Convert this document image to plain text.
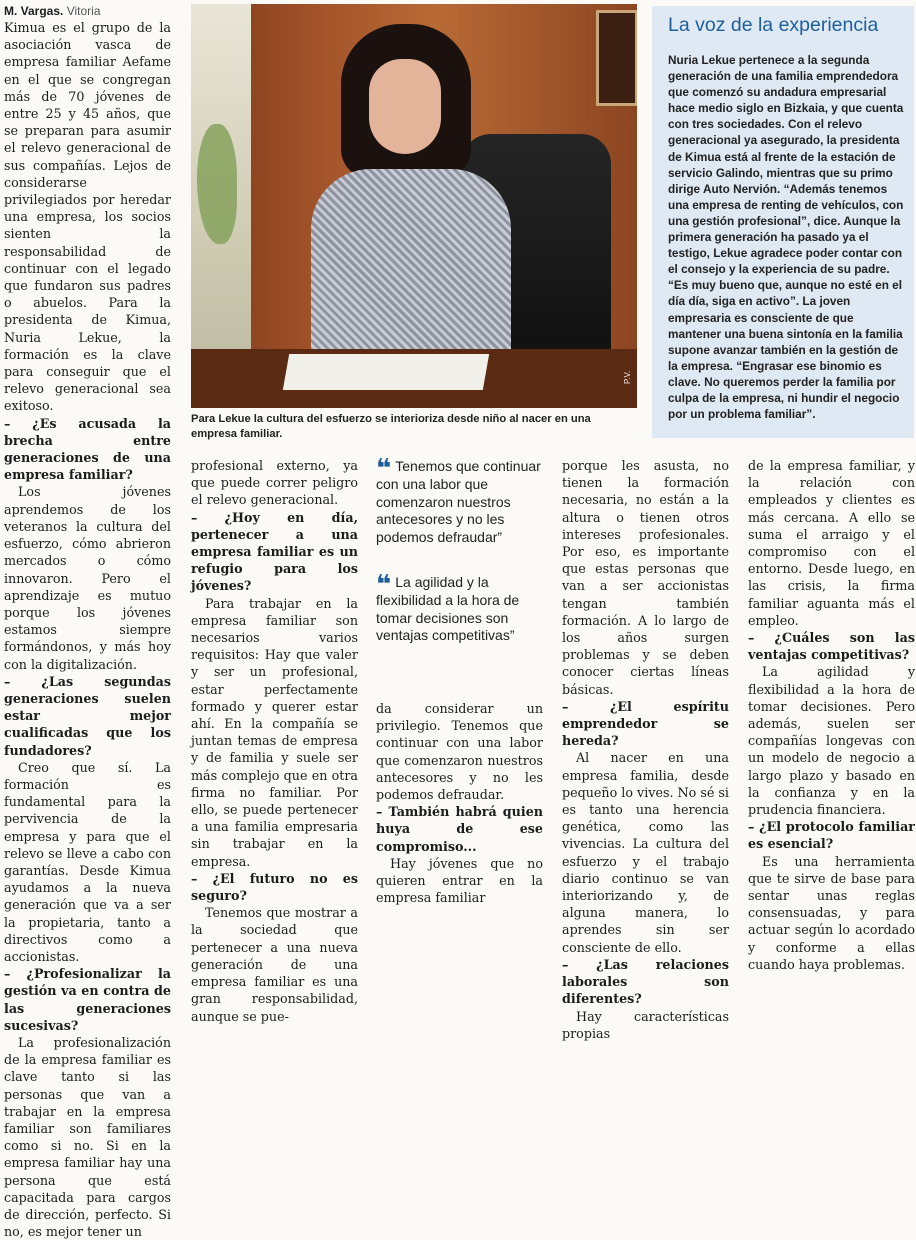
M. Vargas. Vitoria

Kimua es el grupo de la asociación vasca de empresa familiar Aefame en el que se congregan más de 70 jóvenes de entre 25 y 45 años, que se preparan para asumir el relevo generacional de sus compañías. Lejos de considerarse privilegiados por heredar una empresa, los socios sienten la responsabilidad de continuar con el legado que fundaron sus padres o abuelos. Para la presidenta de Kimua, Nuria Lekue, la formación es la clave para conseguir que el relevo generacional sea exitoso.

– ¿Es acusada la brecha entre generaciones de una empresa familiar?

Los jóvenes aprendemos de los veteranos la cultura del esfuerzo, cómo abrieron mercados o cómo innovaron. Pero el aprendizaje es mutuo porque los jóvenes estamos siempre formándonos, y más hoy con la digitalización.

– ¿Las segundas generaciones suelen estar mejor cualificadas que los fundadores?

Creo que sí. La formación es fundamental para la pervivencia de la empresa y para que el relevo se lleve a cabo con garantías. Desde Kimua ayudamos a la nueva generación que va a ser la propietaria, tanto a directivos como a accionistas.

– ¿Profesionalizar la gestión va en contra de las generaciones sucesivas?

La profesionalización de la empresa familiar es clave tanto si las personas que van a trabajar en la empresa familiar son familiares como si no. Si en la empresa familiar hay una persona que está capacitada para cargos de dirección, perfecto. Si no, es mejor tener un

P.V.
Para Lekue la cultura del esfuerzo se interioriza desde niño al nacer en una empresa familiar.
La voz de la experiencia
Nuria Lekue pertenece a la segunda generación de una familia emprendedora que comenzó su andadura empresarial hace medio siglo en Bizkaia, y que cuenta con tres sociedades. Con el relevo generacional ya asegurado, la presidenta de Kimua está al frente de la estación de servicio Galindo, mientras que su primo dirige Auto Nervión. “Además tenemos una empresa de renting de vehículos, con una gestión profesional”, dice. Aunque la primera generación ha pasado ya el testigo, Lekue agradece poder contar con el consejo y la experiencia de su padre. “Es muy bueno que, aunque no esté en el día día, siga en activo”. La joven empresaria es consciente de que mantener una buena sintonía en la familia supone avanzar también en la gestión de la empresa. “Engrasar ese binomio es clave. No queremos perder la familia por culpa de la empresa, ni hundir el negocio por un problema familiar”.

profesional externo, ya que puede correr peligro el relevo generacional.

– ¿Hoy en día, pertenecer a una empresa familiar es un refugio para los jóvenes?

Para trabajar en la empresa familiar son necesarios varios requisitos: Hay que valer y ser un profesional, estar perfectamente formado y querer estar ahí. En la compañía se juntan temas de empresa y de familia y suele ser más complejo que en otra firma no familiar. Por ello, se puede pertenecer a una familia empresaria sin trabajar en la empresa.

– ¿El futuro no es seguro?

Tenemos que mostrar a la sociedad que pertenecer a una nueva generación de una empresa familiar es una gran responsabilidad, aunque se pue-

❝ Tenemos que continuar con una labor que comenzaron nuestros antecesores y no les podemos defraudar”
❝ La agilidad y la flexibilidad a la hora de tomar decisiones son ventajas competitivas”

da considerar un privilegio. Tenemos que continuar con una labor que comenzaron nuestros antecesores y no les podemos defraudar.

– También habrá quien huya de ese compromiso...

Hay jóvenes que no quieren entrar en la empresa familiar

porque les asusta, no tienen la formación necesaria, no están a la altura o tienen otros intereses profesionales. Por eso, es importante que estas personas que van a ser accionistas tengan también formación. A lo largo de los años surgen problemas y se deben conocer ciertas líneas básicas.

– ¿El espíritu emprendedor se hereda?

Al nacer en una empresa familia, desde pequeño lo vives. No sé si es tanto una herencia genética, como las vivencias. La cultura del esfuerzo y el trabajo diario continuo se van interiorizando y, de alguna manera, lo aprendes sin ser consciente de ello.

– ¿Las relaciones laborales son diferentes?

Hay características propias

de la empresa familiar, y la relación con empleados y clientes es más cercana. A ello se suma el arraigo y el compromiso con el entorno. Desde luego, en las crisis, la firma familiar aguanta más el empleo.

– ¿Cuáles son las ventajas competitivas?

La agilidad y flexibilidad a la hora de tomar decisiones. Pero además, suelen ser compañías longevas con un modelo de negocio a largo plazo y basado en la confianza y en la prudencia financiera.

– ¿El protocolo familiar es esencial?

Es una herramienta que te sirve de base para sentar unas reglas consensuadas, y para actuar según lo acordado y conforme a ellas cuando haya problemas.
